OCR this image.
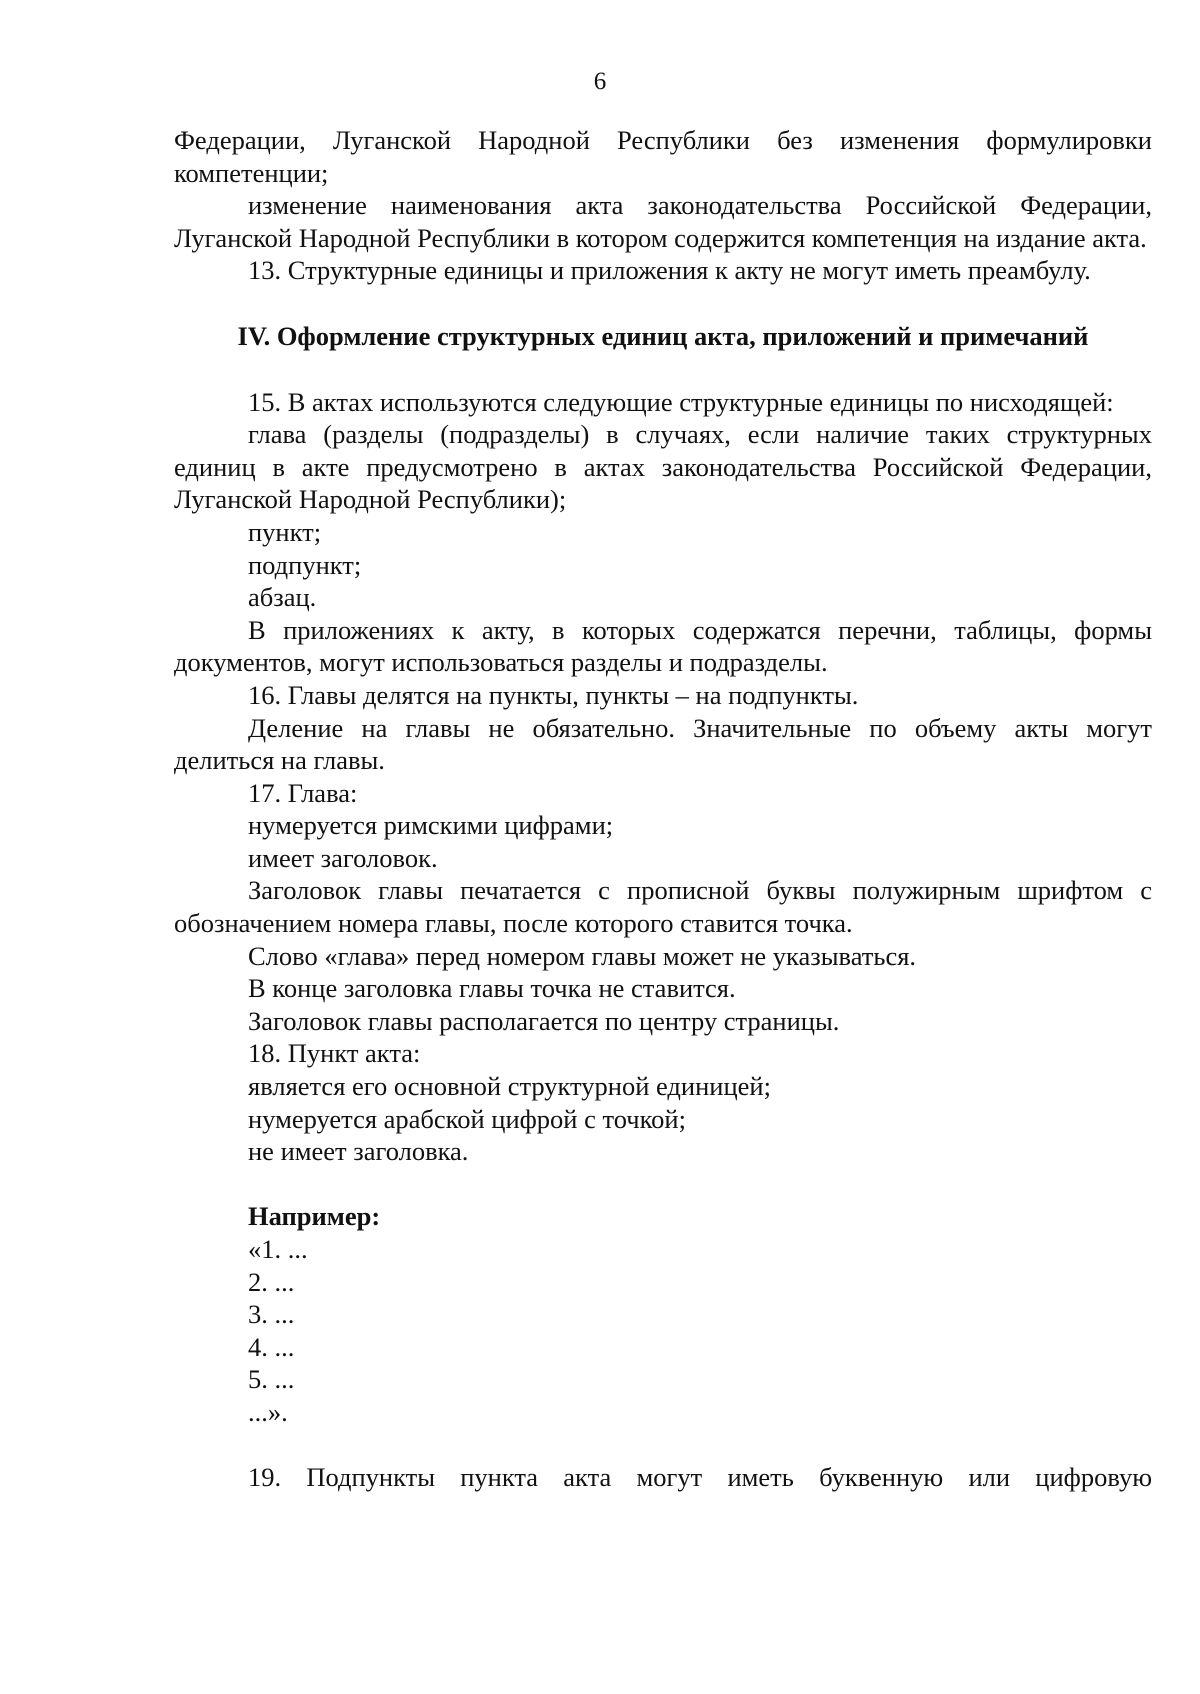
6

Федерации, Луганской Народной Республики без изменения формулировки компетенции;

изменение наименования акта законодательства Российской Федерации, Луганской Народной Республики в котором содержится компетенция на издание акта.

13. Структурные единицы и приложения к акту не могут иметь преамбулу.

IV. Оформление структурных единиц акта, приложений и примечаний

15. В актах используются следующие структурные единицы по нисходящей:

глава (разделы (подразделы) в случаях, если наличие таких структурных единиц в акте предусмотрено в актах законодательства Российской Федерации, Луганской Народной Республики);

пункт;

подпункт;

абзац.

В приложениях к акту, в которых содержатся перечни, таблицы, формы документов, могут использоваться разделы и подразделы.

16. Главы делятся на пункты, пункты – на подпункты.

Деление на главы не обязательно. Значительные по объему акты могут делиться на главы.

17. Глава:

нумеруется римскими цифрами;

имеет заголовок.

Заголовок главы печатается с прописной буквы полужирным шрифтом с обозначением номера главы, после которого ставится точка.

Слово «глава» перед номером главы может не указываться.

В конце заголовка главы точка не ставится.

Заголовок главы располагается по центру страницы.

18. Пункт акта:

является его основной структурной единицей;

нумеруется арабской цифрой с точкой;

не имеет заголовка.

Например:

«1. ...

2. ...

3. ...

4. ...

5. ...

...».

19. Подпункты пункта акта могут иметь буквенную или цифровую
